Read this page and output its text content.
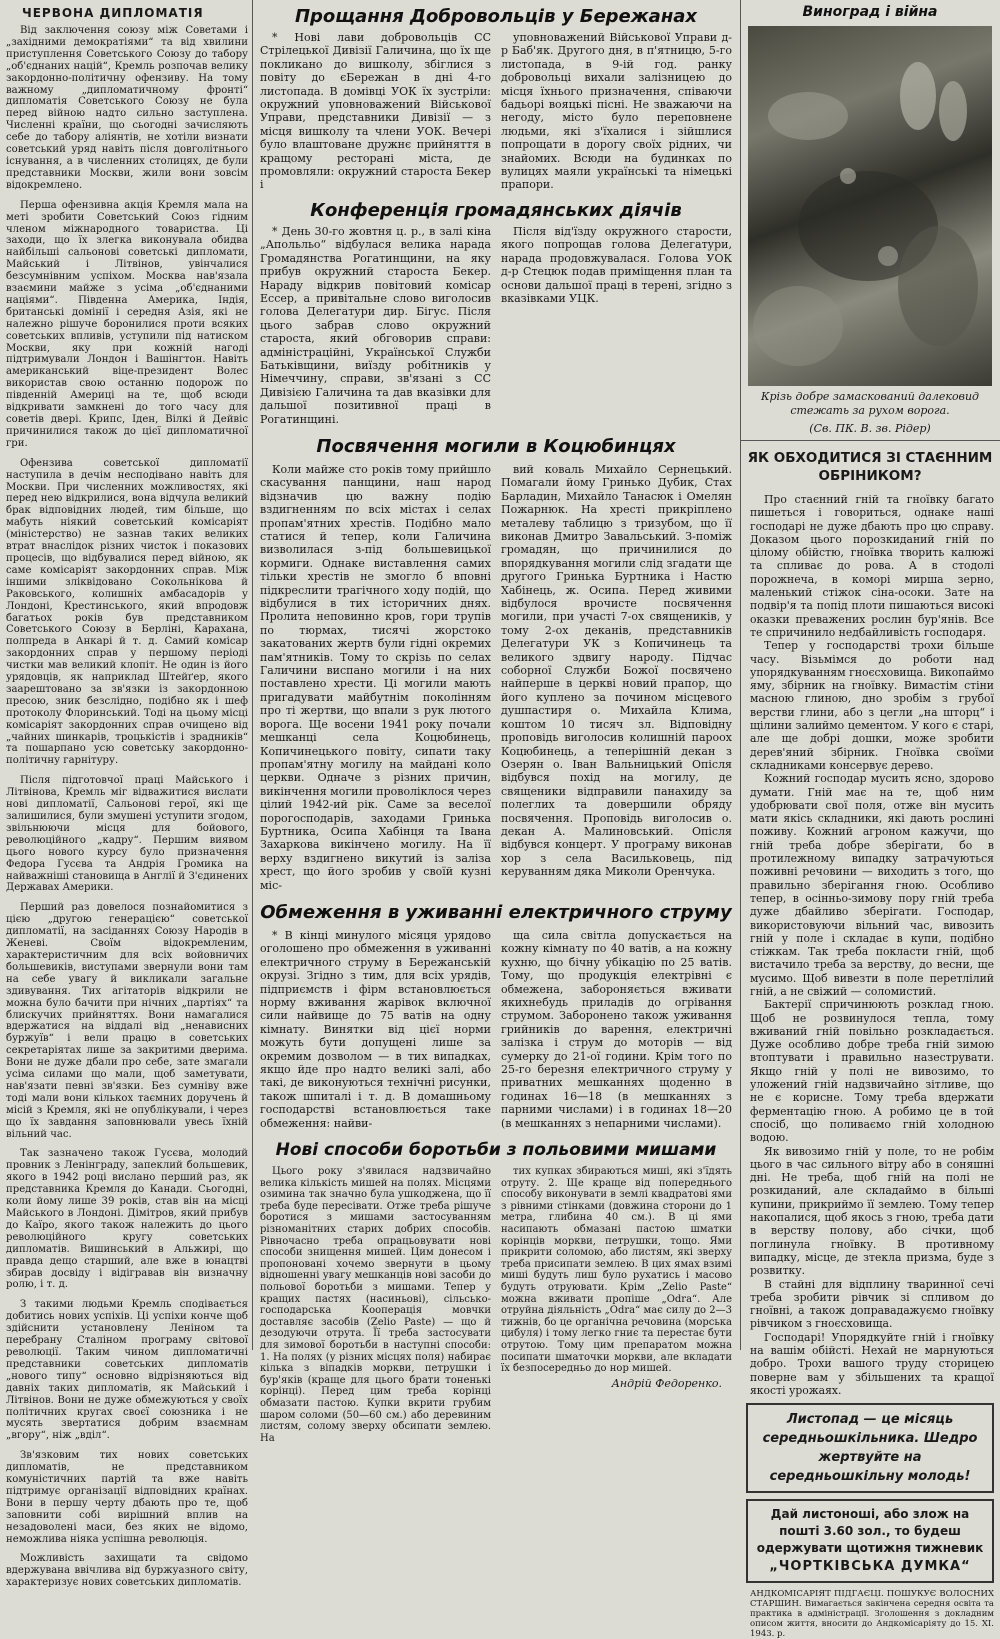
ЧЕРВОНА ДИПЛОМАТІЯ

Від заключення союзу між Советами і „західними демократіями“ та від хвилини приступлення Советського Союзу до табору „об'єднаних націй“, Кремль розпочав велику закордонно-політичну офензиву. На тому важному „дипломатичному фронті“ дипломатія Советського Союзу не була перед війною надто сильно заступлена. Численні країни, що сьогодні зачисляють себе до табору аліянтів, не хотіли визнати советський уряд навіть після довголітнього існування, а в численних столицях, де були представники Москви, жили вони зовсім відокремлено.

Перша офензивна акція Кремля мала на меті зробити Советський Союз гідним членом міжнародного товариства. Ці заходи, що їх злегка виконувала обидва найбільші сальонові советські дипломати, Майський і Літвінов, увінчалися безсумнівним успіхом. Москва нав'язала взаємини майже з усіма „об'єднаними націями“. Південна Америка, Індія, британські домінії і середня Азія, які не належно рішуче боронилися проти всяких советських впливів, уступили під натиском Москви, яку при кожній нагоді підтримували Лондон і Вашінгтон. Навіть американський віце-президент Волес використав свою останню подорож по південній Америці на те, щоб всюди відкривати замкнені до того часу для советів двері. Крипс, Іден, Вілкі й Дейвіс причинилися також до цієї дипломатичної гри.

Офензива советської дипломатії наступила в дечім несподівано навіть для Москви. При численних можливостях, які перед нею відкрилися, вона відчула великий брак відповідних людей, тим більше, що мабуть ніякий советський комісаріят (міністерство) не зазнав таких великих втрат внаслідок різних чисток і показових процесів, що відбувалися перед війною, як саме комісаріят закордонних справ. Між іншими зліквідовано Сокольнікова й Раковського, колишніх амбасадорів у Лондоні, Крестинського, який впродовж багатьох років був представником Советського Союзу в Берліні, Карахана, полпреда в Анкарі й т. д. Самий комісар закордонних справ у першому періоді чистки мав великий клопіт. Не один із його урядовців, як наприклад Штейґер, якого заарештовано за зв'язки із закордонною пресою, зник безслідно, подібно як і шеф протоколу Флоринський. Тоді на цьому місці комісаріят закордонних справ очищено від „чайних шинкарів, троцькістів і зрадників“ та пошарпано усю советську закордонно-політичну гарнітуру.

Після підготовчої праці Майського і Літвінова, Кремль міг відважитися вислати нові дипломатії, Сальонові герої, які ще залишилися, були змушені уступити згодом, звільнюючи місця для бойового, революційного „кадру“. Першим виявом цього нового курсу було призначення Федора Гусєва та Андрія Громика на найважніші становища в Англії й З'єдинених Державах Америки.

Перший раз довелося познайомитися з цією „другою генерацією“ советської дипломатії, на засіданнях Союзу Народів в Женеві. Своїм відокремленим, характеристичним для всіх войовничих большевиків, виступами звернули вони там на себе увагу й викликали загальне здивування. Тих агітаторів відкрили не можна було бачити при нічних „партіях“ та блискучих прийняттях. Вони намагалися вдержатися на віддалі від „ненависних буржуїв“ і вели працю в советських секретаріятах лише за закритими дверима. Вони не дуже дбали про себе, зате змагали усіма силами що мали, щоб заметувати, нав'язати певні зв'язки. Без сумніву вже тоді мали вони кількох таємних доручень й місій з Кремля, які не опублікували, і через що їх завдання заповнювали увесь їхній вільний час.

Так зазначено також Гусєва, молодий провник з Ленінграду, запеклий большевик, якого в 1942 році вислано перший раз, як представника Кремля до Канади. Сьогодні, коли йому лише 39 років, став він на місці Майського в Лондоні. Дімітров, який прибув до Каїро, якого також належить до цього революційного кругу советських дипломатів. Вишинський в Альжирі, що правда дещо старший, але вже в юнацтві збирав досвіду і відігравав він визначну ролю, і т. д.

З такими людьми Кремль сподівається добитись нових успіхів. Ці успіхи конче щоб здійснити установлену Леніном та перебрану Сталіном програму світової революції. Таким чином дипломатичні представники советських дипломатів „нового типу“ основно відрізняються від давніх таких дипломатів, як Майський і Літвінов. Вони не дуже обмежуються у своїх політичних кругах своєї союзника і не мусять звертатися добрим взаємнам „вгору“, ніж „вділ“.

Зв'язковим тих нових советських дипломатів, не представником комуністичних партій та вже навіть підтримує організації відповідних країнах. Вони в першу черту дбають про те, щоб заповнити собі вирішний вплив на незадоволені маси, без яких не відомо, неможлива ніяка успішна революція.

Можливість захищати та свідомо вдержувана ввічлива від буржуазного світу, характеризує нових советських дипломатів.

Прощання Добровольців у Бережанах

* Нові лави добровольців СС Стрілецької Дивізії Галичина, що їх ще покликано до вишколу, збіглися з повіту до єБережан в дні 4-го листопада. В домівці УОК їх зустріли: окружний уповноважений Військової Управи, представники Дивізії — з місця вишколу та члени УОК. Вечері було влаштоване дружнє прийняття в кращому ресторані міста, де промовляли: окружний староста Бекер і

уповноважений Військової Управи д-р Баб'як. Другого дня, в п'ятницю, 5-го листопада, в 9-ій год. ранку добровольці вихали залізницею до місця їхнього призначення, співаючи бадьорі вояцькі пісні. Не зважаючи на негоду, місто було переповнене людьми, які з'їхалися і зійшлися попрощати в дорогу своїх рідних, чи знайомих. Всюди на будинках по вулицях маяли українські та німецькі прапори.

Конференція громадянських діячів

* День 30-го жовтня ц. р., в залі кіна „Апольльо“ відбулася велика нарада Громадянства Рогатинщини, на яку прибув окружний староста Бекер. Нараду відкрив повітовий комісар Ессер, а привітальне слово виголосив голова Делегатури дир. Бігус. Після цього забрав слово окружний староста, який обговорив справи: адміністраційні, Української Служби Батьківщини, виїзду робітників у Німеччину, справи, зв'язані з СС Дивізією Галичина та дав вказівки для дальшої позитивної праці в Рогатинщині.

Після від'їзду окружного старости, якого попрощав голова Делегатури, нарада продовжувалася. Голова УОК д-р Стецюк подав приміщення план та основи дальшої праці в терені, згідно з вказівками УЦК.

Посвячення могили в Коцюбинцях

Коли майже сто років тому прийшло скасування панщини, наш народ відзначив цю важну подію вздигненням по всіх містах і селах пропам'ятних хрестів. Подібно мало статися й тепер, коли Галичина визволилася з-під большевицької кормиги. Однаке виставлення самих тільки хрестів не змогло б вповні підкреслити трагічного ходу подій, що відбулися в тих історичних днях. Пролита неповинно кров, гори трупів по тюрмах, тисячі жорстоко закатованих жертв були гідні окремих пам'ятників. Тому то скрізь по селах Галичини виспано могили і на них поставлено хрести. Ці могили мають пригадувати майбутнім поколінням про ті жертви, що впали з рук лютого ворога. Ще восени 1941 року почали мешканці села Коцюбинець, Копичинецького повіту, сипати таку пропам'ятну могилу на майдані коло церкви. Одначе з різних причин, викінчення могили проволіклося через цілий 1942-ий рік. Саме за веселої порогосподарів, заходами Гринька Буртника, Осипа Хабінця та Івана Захаркова викінчено могилу. На її верху вздигнено викутий із заліза хрест, що його зробив у своїй кузні міс-

вий коваль Михайло Сернецький. Помагали йому Гринько Дубик, Стах Барладин, Михайло Танасюк і Омелян Пожарнюк. На хресті прикріплено металеву таблицю з тризубом, що її виконав Дмитро Завальський. З-поміж громадян, що причинилися до впорядкування могили слід згадати ще другого Гринька Буртника і Настю Хабінець, ж. Осипа. Перед живими відбулося врочисте посвячення могили, при участі 7-ох священиків, у тому 2-ох деканів, представників Делегатури УК з Копичинець та великого здвигу народу. Підчас соборної Служби Божої посвячено найперше в церкві новий прапор, що його куплено за почином місцевого душпастиря о. Михайла Клима, коштом 10 тисяч зл. Відповідну проповідь виголосив колишній пароох Коцюбинець, а теперішній декан з Озерян о. Іван Вальницький Опісля відбувся похід на могилу, де священики відправили панахиду за полеглих та довершили обряду посвячення. Проповідь виголосив о. декан А. Малиновський. Опісля відбувся концерт. У програму виконав хор з села Васильковець, під керуванням дяка Миколи Оренчука.

Обмеження в уживанні електричного струму

* В кінці минулого місяця урядово оголошено про обмеження в уживанні електричного струму в Бережанській окрузі. Згідно з тим, для всіх урядів, підприємств і фірм встановлюється норму вживання жарівок включної сили найвище до 75 ватів на одну кімнату. Винятки від цієї норми можуть бути допущені лише за окремим дозволом — в тих випадках, якщо йде про надто великі залі, або такі, де виконуються технічні рисунки, також шпиталі і т. д. В домашньому господарстві встановлюється таке обмеження: найви-

ща сила світла допускається на кожну кімнату по 40 ватів, а на кожну кухню, що бічну убікацію по 25 ватів. Тому, що продукція електрівні є обмежена, забороняється вживати якихнебудь приладів до огрівання струмом. Заборонено також уживання грийників до варення, електричні залізка і струм до моторів — від сумерку до 21-ої години. Крім того по 25-го березня електричного струму у приватних мешканнях щоденно в годинах 16—18 (в мешканнях з парними числами) і в годинах 18—20 (в мешканнях з непарними числами).

Нові способи боротьби з польовими мишами

Цього року з'явилася надзвичайно велика кількість мишей на полях. Місцями озимина так значно була ушкоджена, що її треба буде пересівати. Отже треба рішуче боротися з мишами застосуванням різноманітних старих добрих способів. Рівночасно треба опрацьовувати нові способи знищення мишей. Цим донесом і пропоновані хочемо звернути в цьому відношенні увагу мешканців нові засоби до польової боротьби з мишами. Тепер у кращих пастях (насиньові), сільсько-господарська Кооперація мовчки доставляє засобів (Zelio Paste) — що й дезодуючи отрута. Її треба застосувати для зимової боротьби в наступні способи: 1. На полях (у різних місцях поля) набирає кілька з віпадків моркви, петрушки і бур'яків (краще для цього брати тоненькі корінці). Перед цим треба корінці обмазати пастою. Купки вкрити грубим шаром соломи (50—60 см.) або деревиним листям, солому зверху обсипати землею. На

тих купках збираються миші, які з'їдять отруту. 2. Ще краще від попереднього способу виконувати в землі квадратові ями з рівними стінками (довжина сторони до 1 метра, глибина 40 см.). В ці ями насипають обмазані пастою шматки корінців моркви, петрушки, тощо. Ями прикрити соломою, або листям, які зверху треба присипати землею. В цих ямах взимі миші будуть лиш було рухатись і масово будуть отруювати. Крім „Zelio Paste“ можна вживати пропіше „Odra“. Але отруйна діяльність „Odra“ має силу до 2—3 тижнів, бо це органічна речовина (морська цибуля) і тому легко гниє та перестає бути отрутою. Тому цим препаратом можна посипати шматочки моркви, але вкладати їх безпосередньо до нор мишей.

Андрій Федоренко.
Виноград і війна

Крізь добре замаскований далековид стежать за рухом ворога.

(Св. ПК. В. зв. Рідер)

ЯК ОБХОДИТИСЯ ЗІ СТАЄННИМ ОБРІНИКОМ?

Про стаєнний гній та гноївку багато пишеться і говориться, однаке наші господарі не дуже дбають про цю справу. Доказом цього порозкиданий гній по цілому обійстю, гноївка творить калюжі та спливає до рова. А в стодолі порожнеча, в коморі мирша зерно, маленький стіжок сіна-осоки. Зате на подвір'я та попід плоти пишаються високі оказки преважених рослин бур'янів. Все те спричинило недбайливість господаря.

Тепер у господарстві трохи більше часу. Візьмімся до роботи над упорядкуванням гноєсховища. Викопаймо яму, збірник на гноївку. Вимастім стіни масною глиною, дно зробім з грубої верстви глини, або з цегли „на шторц“ і щілини залиймо цементом. У кого є старі, але ще добрі дошки, може зробити дерев'яний збірник. Гноївка своїми складниками консервує дерево.

Кожний господар мусить ясно, здорово думати. Гній має на те, щоб ним удобрювати свої поля, отже він мусить мати якісь складники, які дають рослині поживу. Кожний агроном кажучи, що гній треба добре зберігати, бо в протилежному випадку затрачуються поживні речовини — виходить з того, що правильно зберігання гною. Особливо тепер, в осінньо-зимову пору гній треба дуже дбайливо зберігати. Господар, використовуючи вільний час, вивозить гній у поле і складає в купи, подібно стіжкам. Так треба покласти гній, щоб вистачило треба за верству, до весни, ще мусимо. Щоб вивезти в поле перетлілий гній, а не свіжий — соломистий.

Бактерії спричинюють розклад гною. Щоб не розвинулося тепла, тому вживаний гній повільно розкладається. Дуже особливо добре треба гній зимою втоптувати і правильно назеструвати. Якщо гній у полі не вивозимо, то уложений гній надзвичайно зітливе, що не є корисне. Тому треба вдержати ферментацію гною. А робимо це в той спосіб, що поливаємо гній холодною водою.

Як вивозимо гній у поле, то не робім цього в час сильного вітру або в соняшні дні. Не треба, щоб гній на полі не розкиданий, але складаймо в більші купини, прикриймо її землею. Тому тепер накопалися, щоб якось з гною, треба дати в верству полову, або січки, щоб поглинула гноївку. В противному випадку, місце, де зтекла призма, буде з розвитку.

В стайні для відплину тваринної сечі треба зробити рівчик зі спливом до гноївні, а також доправадажуємо гноївку рівчиком з гноєсховища.

Господарі! Упорядкуйте гній і гноївку на вашім обійсті. Нехай не марнуються добро. Трохи вашого труду сторицею поверне вам у збільшених та кращої якості урожаях.

Листопад — це місяць середньошкільника. Шедро жертвуйте на середньошкільну молодь!
Дай листоноші, або злож на пошті 3.60 зол., то будеш одержувати щотижня тижневик
„ЧОРТКІВСЬКА ДУМКА“

АНДКОМІСАРІЯТ ПІДГАЄЦІ. ПОШУКУЄ ВОЛОСНИХ СТАРШИН. Вимагається закінчена середня освіта та практика в адміністрації. Зголошення з докладним описом життя, вносити до Андкомісаріяту до 15. ХІ. 1943. р.
